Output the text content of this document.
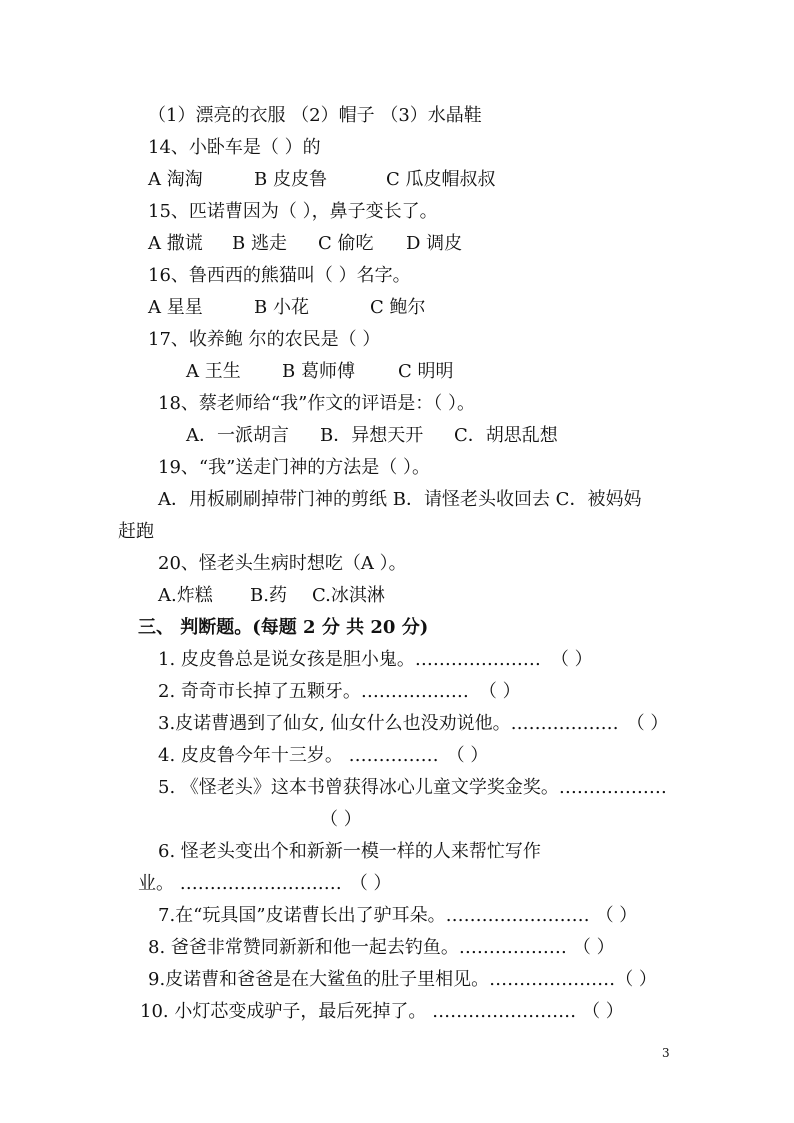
（1）漂亮的衣服 （2）帽子 （3）水晶鞋
14、小卧车是（ ）的
A 淘淘	B 皮皮鲁	C 瓜皮帽叔叔
15、匹诺曹因为（ ），鼻子变长了。
A 撒谎 B 逃走 C 偷吃 D 调皮
16、鲁西西的熊猫叫（ ）名字。
A 星星	B 小花	C 鲍尔
17、收养鲍 尔的农民是（ ）
A 王生 B 葛师傅 C 明明
18、蔡老师给“我”作文的评语是：（ ）。
A．一派胡言 B．异想天开 C．胡思乱想
19、“我”送走门神的方法是（ ）。
A．用板刷刷掉带门神的剪纸 B．请怪老头收回去 C．被妈妈
赶跑
20、怪老头生病时想吃（A ）。
A.炸糕 B.药 C.冰淇淋
三、 判断题。(每题 2 分 共 20 分)
1. 皮皮鲁总是说女孩是胆小鬼。………………… （ ）
2. 奇奇市长掉了五颗牙。……………… （ ）
3.皮诺曹遇到了仙女, 仙女什么也没劝说他。……………… （ ）
4. 皮皮鲁今年十三岁。 …………… （ ）
5. 《怪老头》这本书曾获得冰心儿童文学奖金奖。………………
（ ）
6. 怪老头变出个和新新一模一样的人来帮忙写作
业。 ……………………… （ ）
7.在“玩具国”皮诺曹长出了驴耳朵。…………………… （ ）
8. 爸爸非常赞同新新和他一起去钓鱼。……………… （ ）
9.皮诺曹和爸爸是在大鲨鱼的肚子里相见。…………………（ ）
10. 小灯芯变成驴子，最后死掉了。 …………………… （ ）
3
